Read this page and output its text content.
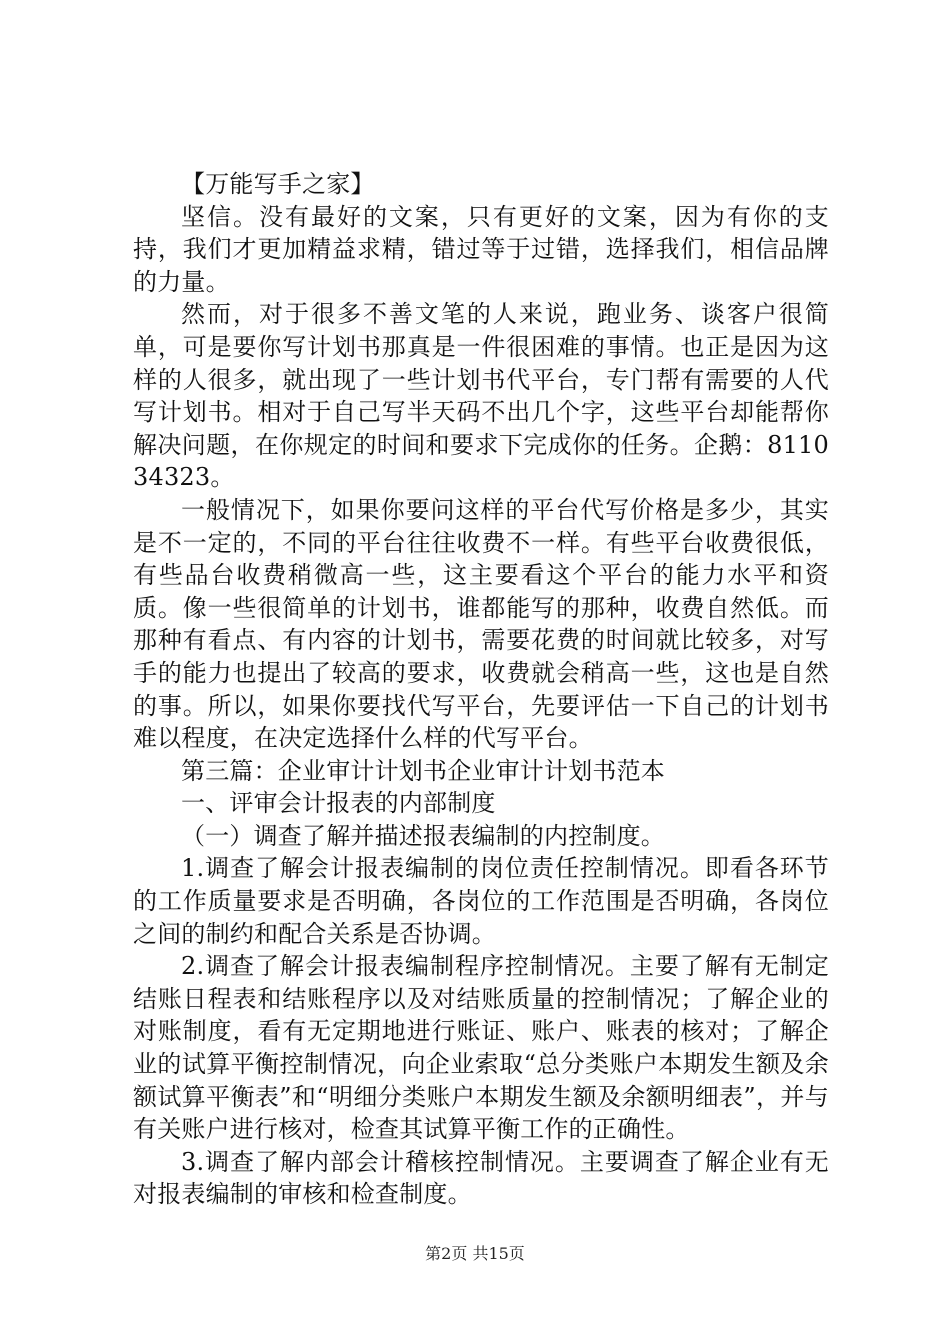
【万能写手之家】

坚信。没有最好的文案，只有更好的文案，因为有你的支持，我们才更加精益求精，错过等于过错，选择我们，相信品牌的力量。

然而，对于很多不善文笔的人来说，跑业务、谈客户很简单，可是要你写计划书那真是一件很困难的事情。也正是因为这样的人很多，就出现了一些计划书代平台，专门帮有需要的人代写计划书。相对于自己写半天码不出几个字，这些平台却能帮你解决问题，在你规定的时间和要求下完成你的任务。企鹅：811034323。

一般情况下，如果你要问这样的平台代写价格是多少，其实是不一定的，不同的平台往往收费不一样。有些平台收费很低，有些品台收费稍微高一些，这主要看这个平台的能力水平和资质。像一些很简单的计划书，谁都能写的那种，收费自然低。而那种有看点、有内容的计划书，需要花费的时间就比较多，对写手的能力也提出了较高的要求，收费就会稍高一些，这也是自然的事。所以，如果你要找代写平台，先要评估一下自己的计划书难以程度，在决定选择什么样的代写平台。

第三篇：企业审计计划书企业审计计划书范本

一、评审会计报表的内部制度

（一）调查了解并描述报表编制的内控制度。

1.调查了解会计报表编制的岗位责任控制情况。即看各环节的工作质量要求是否明确，各岗位的工作范围是否明确，各岗位之间的制约和配合关系是否协调。

2.调查了解会计报表编制程序控制情况。主要了解有无制定结账日程表和结账程序以及对结账质量的控制情况；了解企业的对账制度，看有无定期地进行账证、账户、账表的核对；了解企业的试算平衡控制情况，向企业索取“总分类账户本期发生额及余额试算平衡表”和“明细分类账户本期发生额及余额明细表”，并与有关账户进行核对，检查其试算平衡工作的正确性。

3.调查了解内部会计稽核控制情况。主要调查了解企业有无对报表编制的审核和检查制度。

第2页 共15页
